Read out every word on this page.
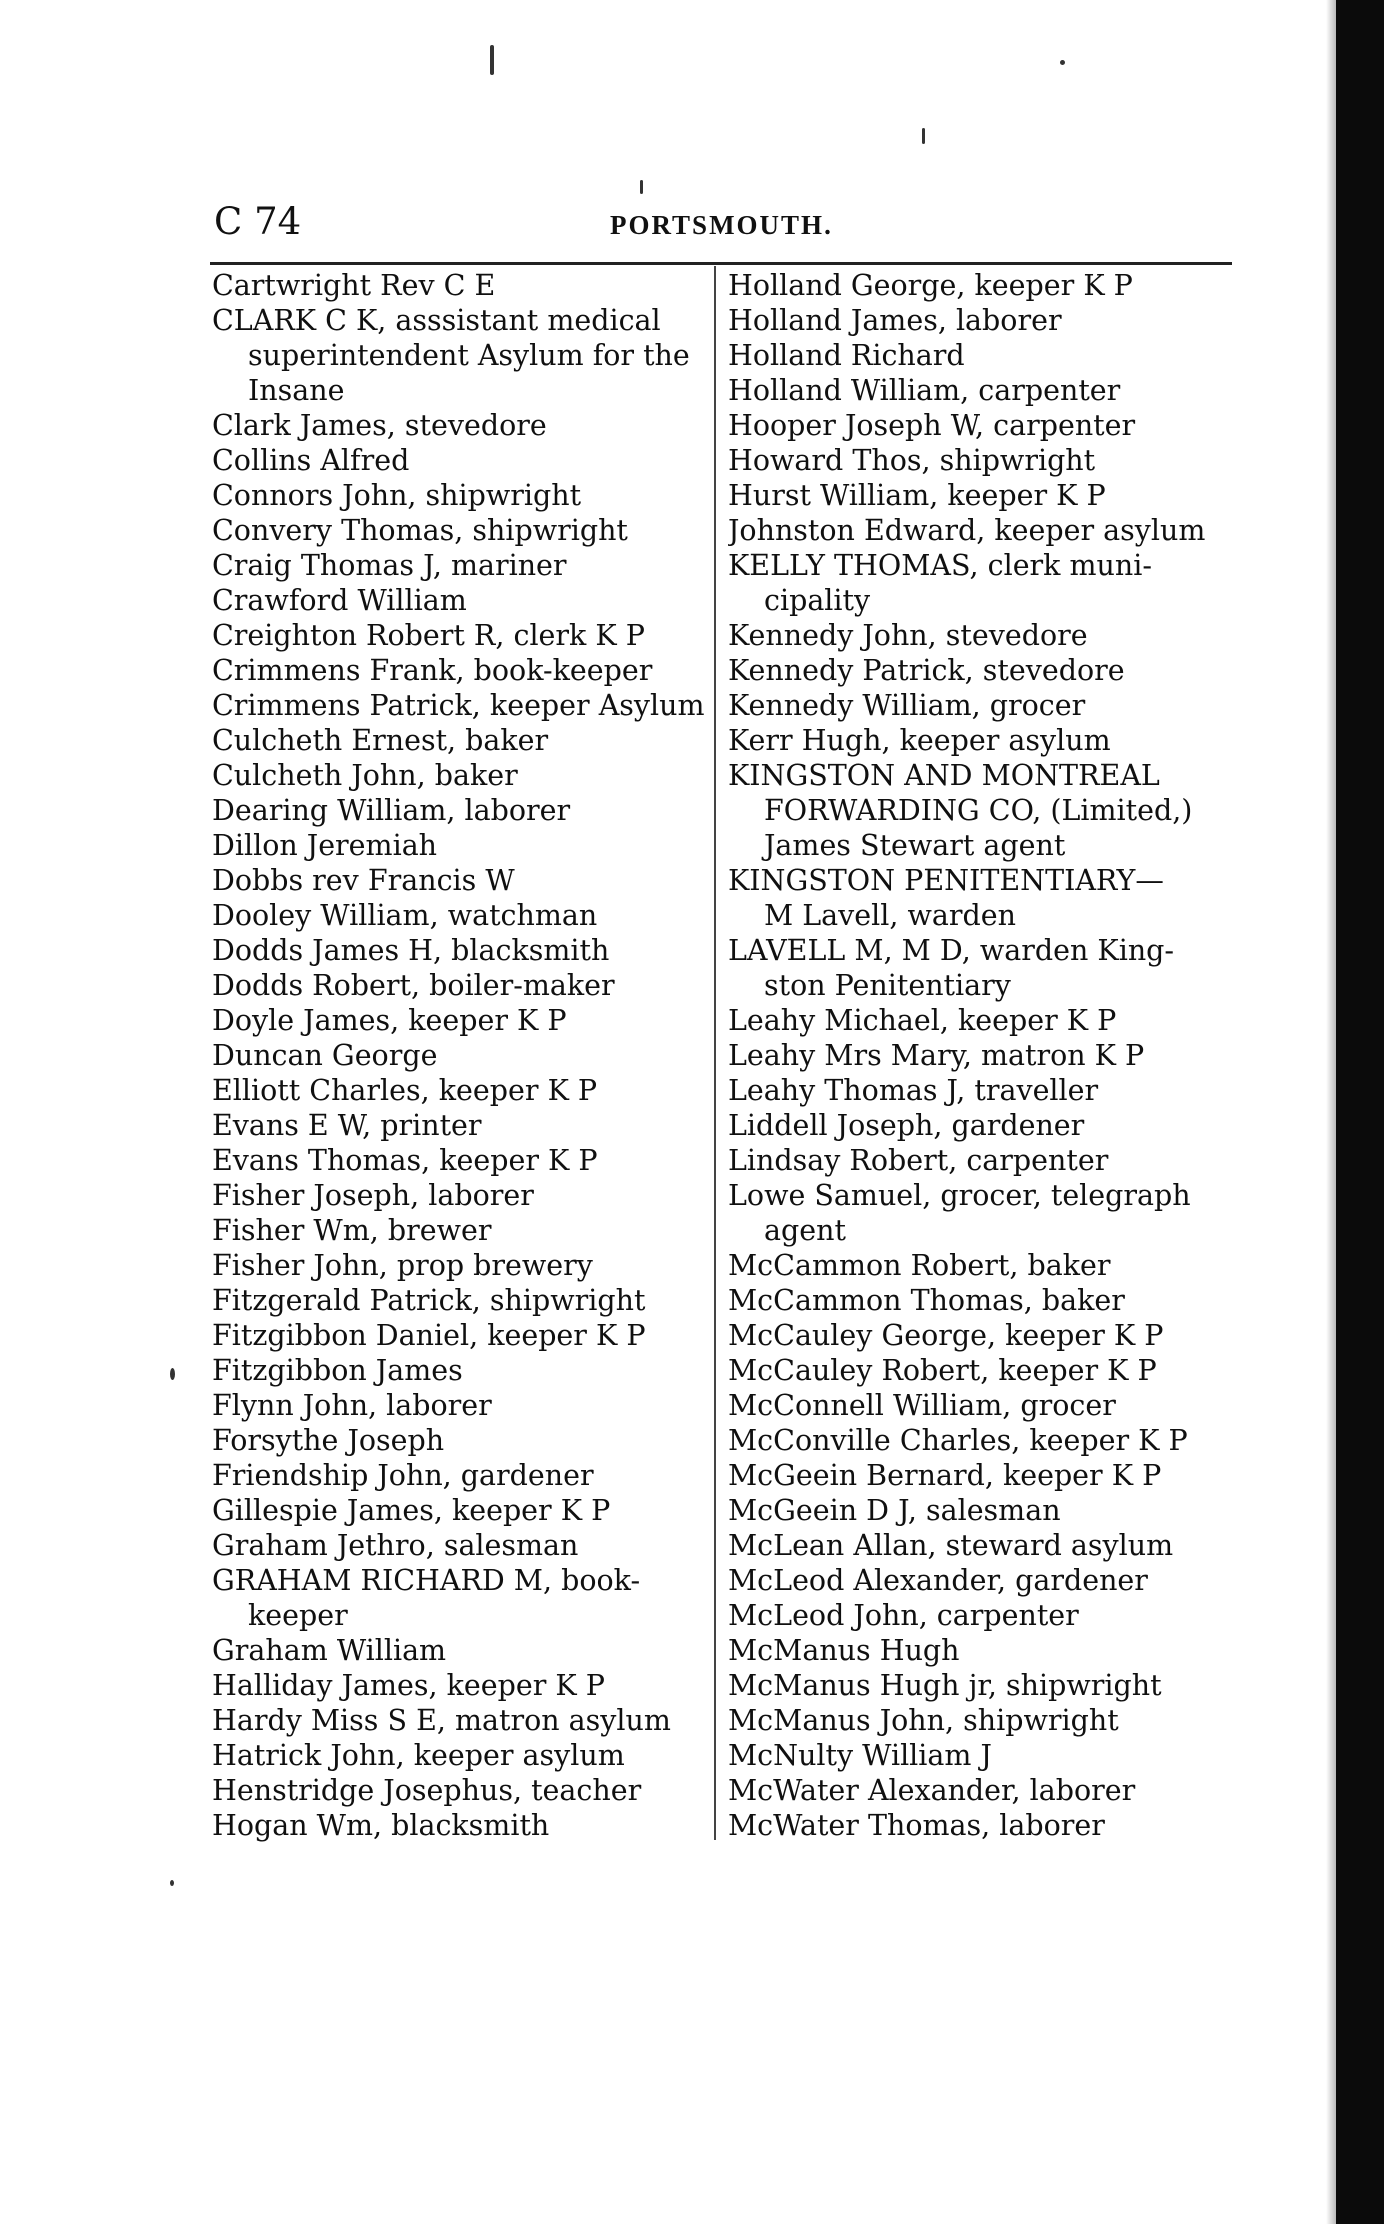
C 74	PORTSMOUTH.
Cartwright Rev C E
CLARK C K, asssistant medical
superintendent Asylum for the
Insane
Clark James, stevedore
Collins Alfred
Connors John, shipwright
Convery Thomas, shipwright
Craig Thomas J, mariner
Crawford William
Creighton Robert R, clerk K P
Crimmens Frank, book-keeper
Crimmens Patrick, keeper Asylum
Culcheth Ernest, baker
Culcheth John, baker
Dearing William, laborer
Dillon Jeremiah
Dobbs rev Francis W
Dooley William, watchman
Dodds James H, blacksmith
Dodds Robert, boiler-maker
Doyle James, keeper K P
Duncan George
Elliott Charles, keeper K P
Evans E W, printer
Evans Thomas, keeper K P
Fisher Joseph, laborer
Fisher Wm, brewer
Fisher John, prop brewery
Fitzgerald Patrick, shipwright
Fitzgibbon Daniel, keeper K P
Fitzgibbon James
Flynn John, laborer
Forsythe Joseph
Friendship John, gardener
Gillespie James, keeper K P
Graham Jethro, salesman
GRAHAM RICHARD M, book-
keeper
Graham William
Halliday James, keeper K P
Hardy Miss S E, matron asylum
Hatrick John, keeper asylum
Henstridge Josephus, teacher
Hogan Wm, blacksmith
Holland George, keeper K P
Holland James, laborer
Holland Richard
Holland William, carpenter
Hooper Joseph W, carpenter
Howard Thos, shipwright
Hurst William, keeper K P
Johnston Edward, keeper asylum
KELLY THOMAS, clerk muni-
cipality
Kennedy John, stevedore
Kennedy Patrick, stevedore
Kennedy William, grocer
Kerr Hugh, keeper asylum
KINGSTON AND MONTREAL
FORWARDING CO, (Limited,)
James Stewart agent
KINGSTON PENITENTIARY—
M Lavell, warden
LAVELL M, M D, warden King-
ston Penitentiary
Leahy Michael, keeper K P
Leahy Mrs Mary, matron K P
Leahy Thomas J, traveller
Liddell Joseph, gardener
Lindsay Robert, carpenter
Lowe Samuel, grocer, telegraph
agent
McCammon Robert, baker
McCammon Thomas, baker
McCauley George, keeper K P
McCauley Robert, keeper K P
McConnell William, grocer
McConville Charles, keeper K P
McGeein Bernard, keeper K P
McGeein D J, salesman
McLean Allan, steward asylum
McLeod Alexander, gardener
McLeod John, carpenter
McManus Hugh
McManus Hugh jr, shipwright
McManus John, shipwright
McNulty William J
McWater Alexander, laborer
McWater Thomas, laborer
